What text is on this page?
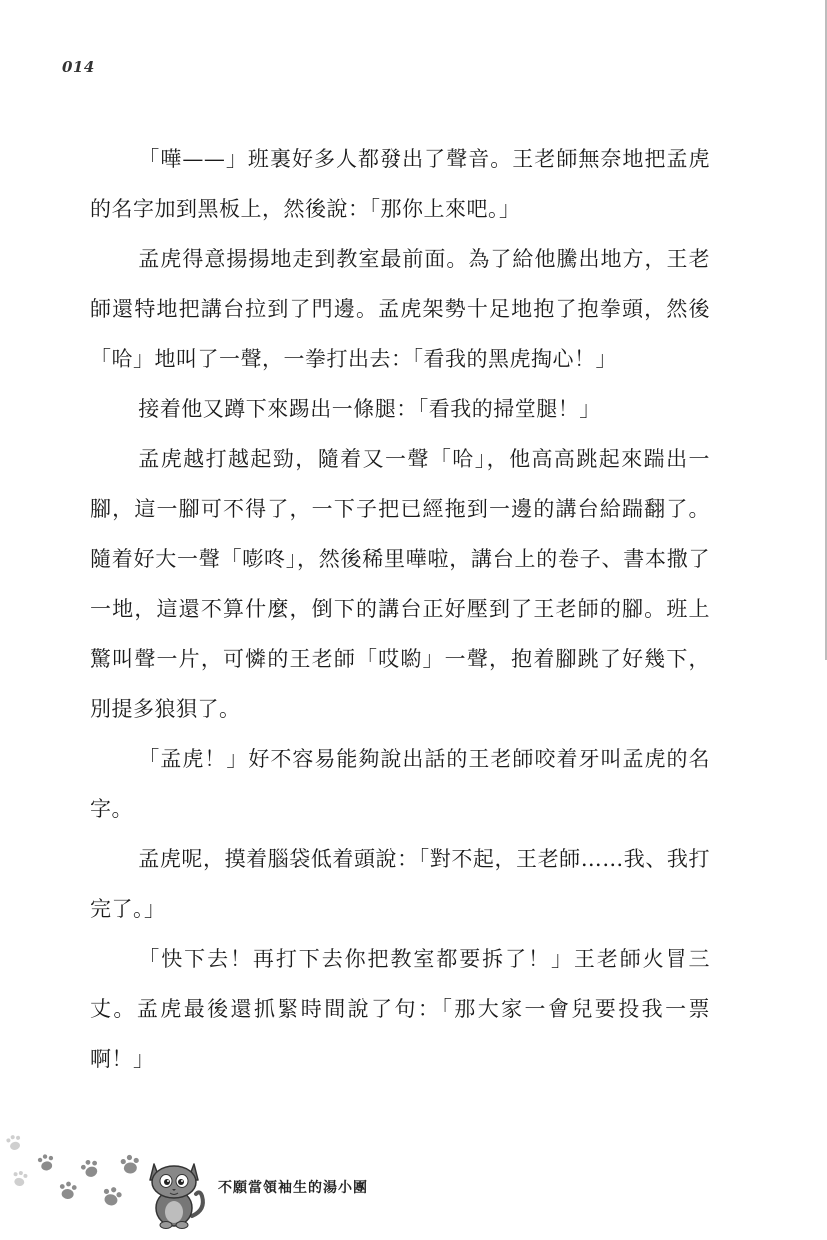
014

「嘩——」班裏好多人都發出了聲音。王老師無奈地把孟虎的名字加到黑板上，然後說：「那你上來吧。」

孟虎得意揚揚地走到教室最前面。為了給他騰出地方，王老師還特地把講台拉到了門邊。孟虎架勢十足地抱了抱拳頭，然後「哈」地叫了一聲，一拳打出去：「看我的黑虎掏心！」

接着他又蹲下來踢出一條腿：「看我的掃堂腿！」

孟虎越打越起勁，隨着又一聲「哈」，他高高跳起來踹出一腳，這一腳可不得了，一下子把已經拖到一邊的講台給踹翻了。隨着好大一聲「嘭咚」，然後稀里嘩啦，講台上的卷子、書本撒了一地，這還不算什麼，倒下的講台正好壓到了王老師的腳。班上驚叫聲一片，可憐的王老師「哎喲」一聲，抱着腳跳了好幾下，別提多狼狽了。

「孟虎！」好不容易能夠說出話的王老師咬着牙叫孟虎的名字。

孟虎呢，摸着腦袋低着頭說：「對不起，王老師……我、我打完了。」

「快下去！再打下去你把教室都要拆了！」王老師火冒三丈。孟虎最後還抓緊時間說了句：「那大家一會兒要投我一票啊！」

不願當領袖生的湯小團
